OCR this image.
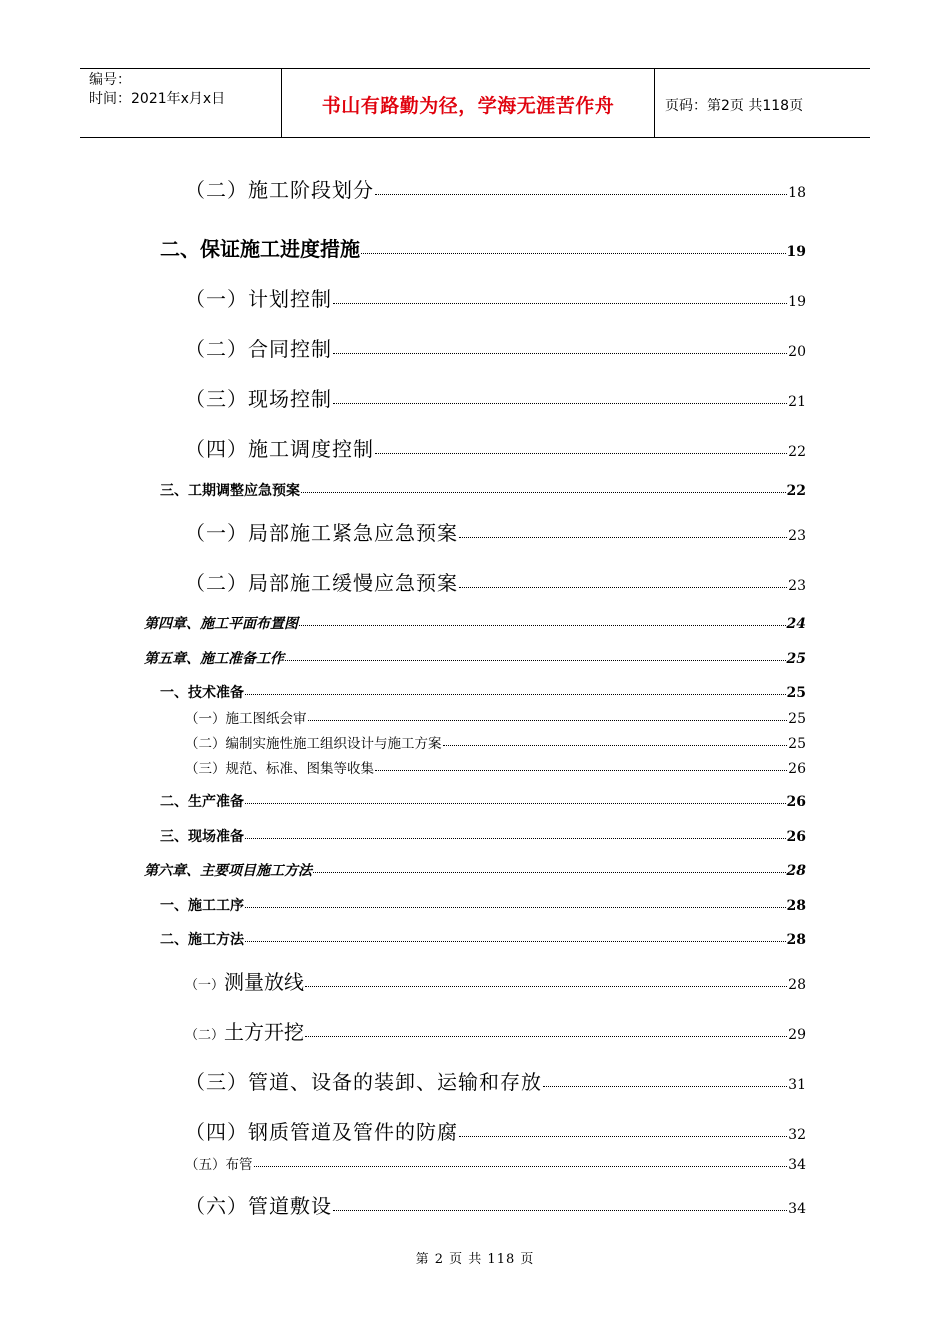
编号：
时间：2021年x月x日	书山有路勤为径，学海无涯苦作舟	页码：第2页 共118页
（二）施工阶段划分	18
二、保证施工进度措施	19
（一）计划控制	19
（二）合同控制	20
（三）现场控制	21
（四）施工调度控制	22
三、工期调整应急预案	22
（一）局部施工紧急应急预案	23
（二）局部施工缓慢应急预案	23
第四章、施工平面布置图	24
第五章、施工准备工作	25
一、技术准备	25
（一）施工图纸会审	25
（二）编制实施性施工组织设计与施工方案	25
（三）规范、标准、图集等收集	26
二、生产准备	26
三、现场准备	26
第六章、主要项目施工方法	28
一、施工工序	28
二、施工方法	28
（一）测量放线	28
（二）土方开挖	29
（三）管道、设备的装卸、运输和存放	31
（四）钢质管道及管件的防腐	32
（五）布管	34
（六）管道敷设	34
第 2 页 共 118 页
